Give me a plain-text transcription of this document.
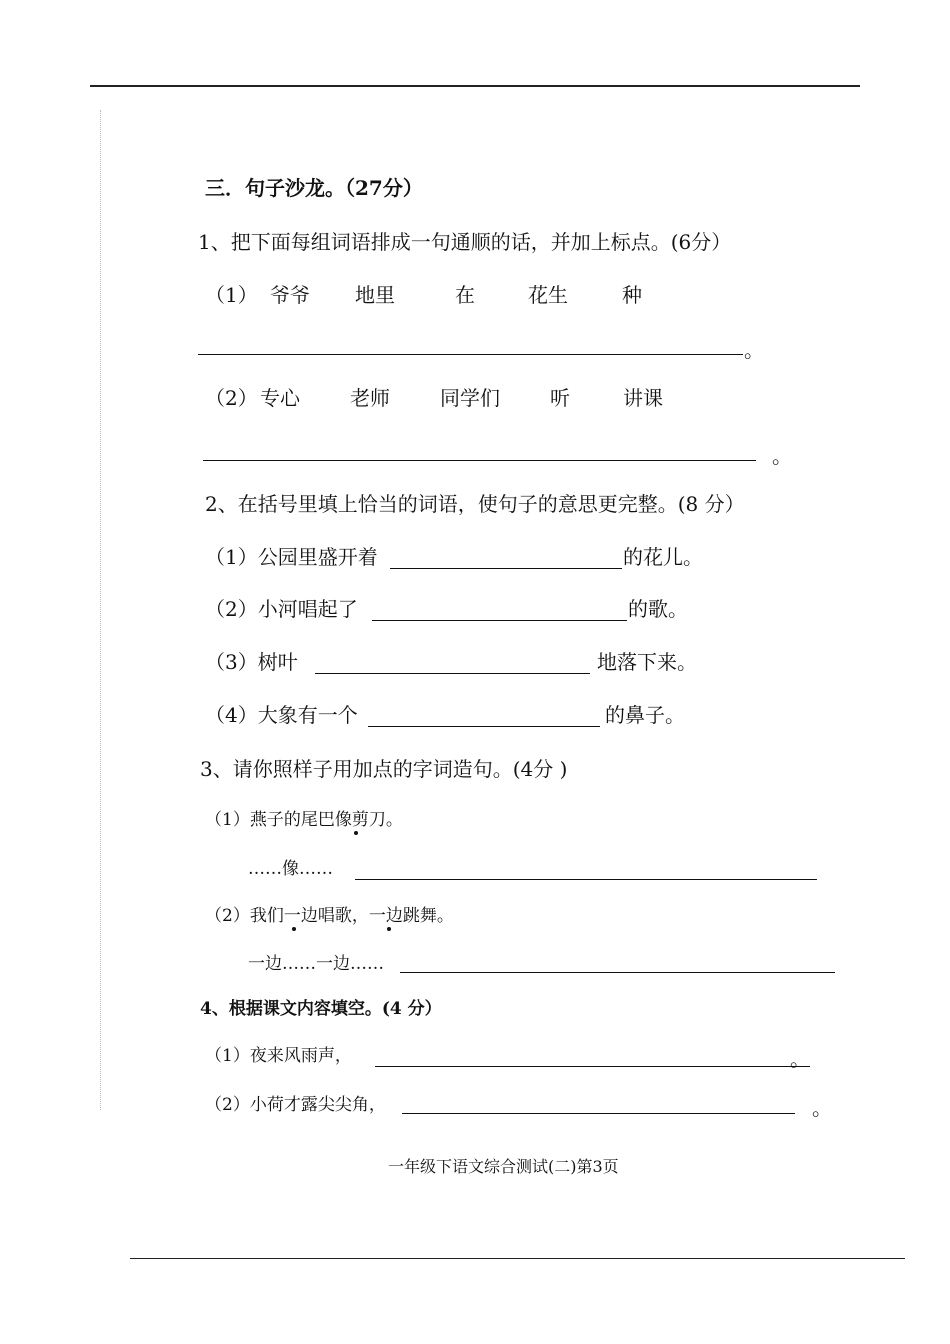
三．句子沙龙。（27分）
1、把下面每组词语排成一句通顺的话，并加上标点。(6分）
（1） 爷爷 地里	在	花生	种
。
（2） 专心	老师	同学们	听	讲课
。
2、在括号里填上恰当的词语，使句子的意思更完整。(8 分）
（1）公园里盛开着	的花儿。
（2）小河唱起了	的歌。
（3）树叶	地落下来。
（4）大象有一个	的鼻子。
3、请你照样子用加点的字词造句。(4分 )
（1）燕子的尾巴像剪刀。
……像……
（2）我们一边唱歌，一边跳舞。
一边……一边……
4、根据课文内容填空。(4 分）
（1）夜来风雨声，	。
（2）小荷才露尖尖角，	。
一年级下语文综合测试(二)第3页
